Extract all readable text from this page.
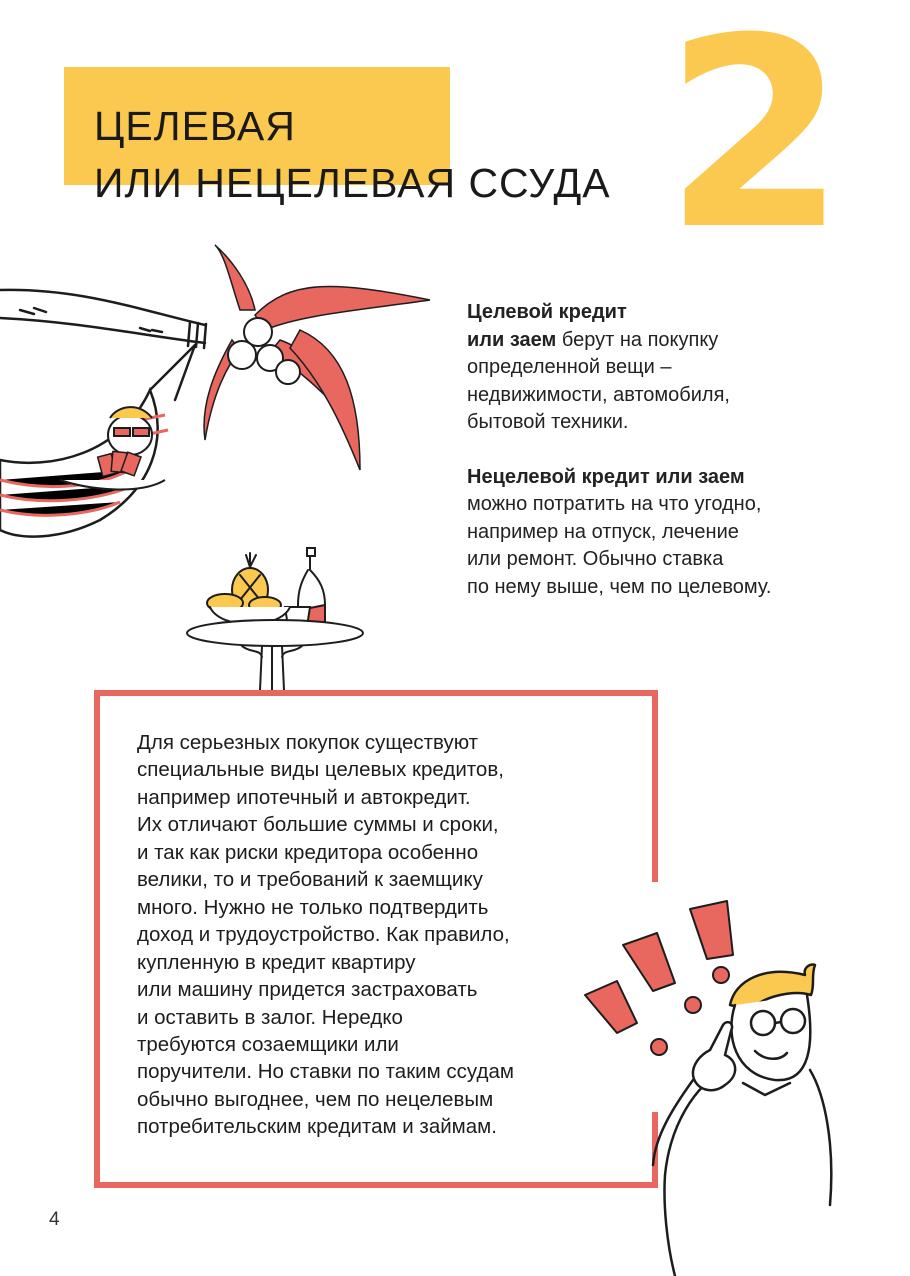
ЦЕЛЕВАЯ
ИЛИ НЕЦЕЛЕВАЯ ССУДА 2

Целевой кредит
или заем берут на покупку
определенной вещи –
недвижимости, автомобиля,
бытовой техники.

Нецелевой кредит или заем
можно потратить на что угодно,
например на отпуск, лечение
или ремонт. Обычно ставка
по нему выше, чем по целевому.

Для серьезных покупок существуют
специальные виды целевых кредитов,
например ипотечный и автокредит.
Их отличают большие суммы и сроки,
и так как риски кредитора особенно
велики, то и требований к заемщику
много. Нужно не только подтвердить
доход и трудоустройство. Как правило,
купленную в кредит квартиру
или машину придется застраховать
и оставить в залог. Нередко
требуются созаемщики или
поручители. Но ставки по таким ссудам
обычно выгоднее, чем по нецелевым
потребительским кредитам и займам.
4
